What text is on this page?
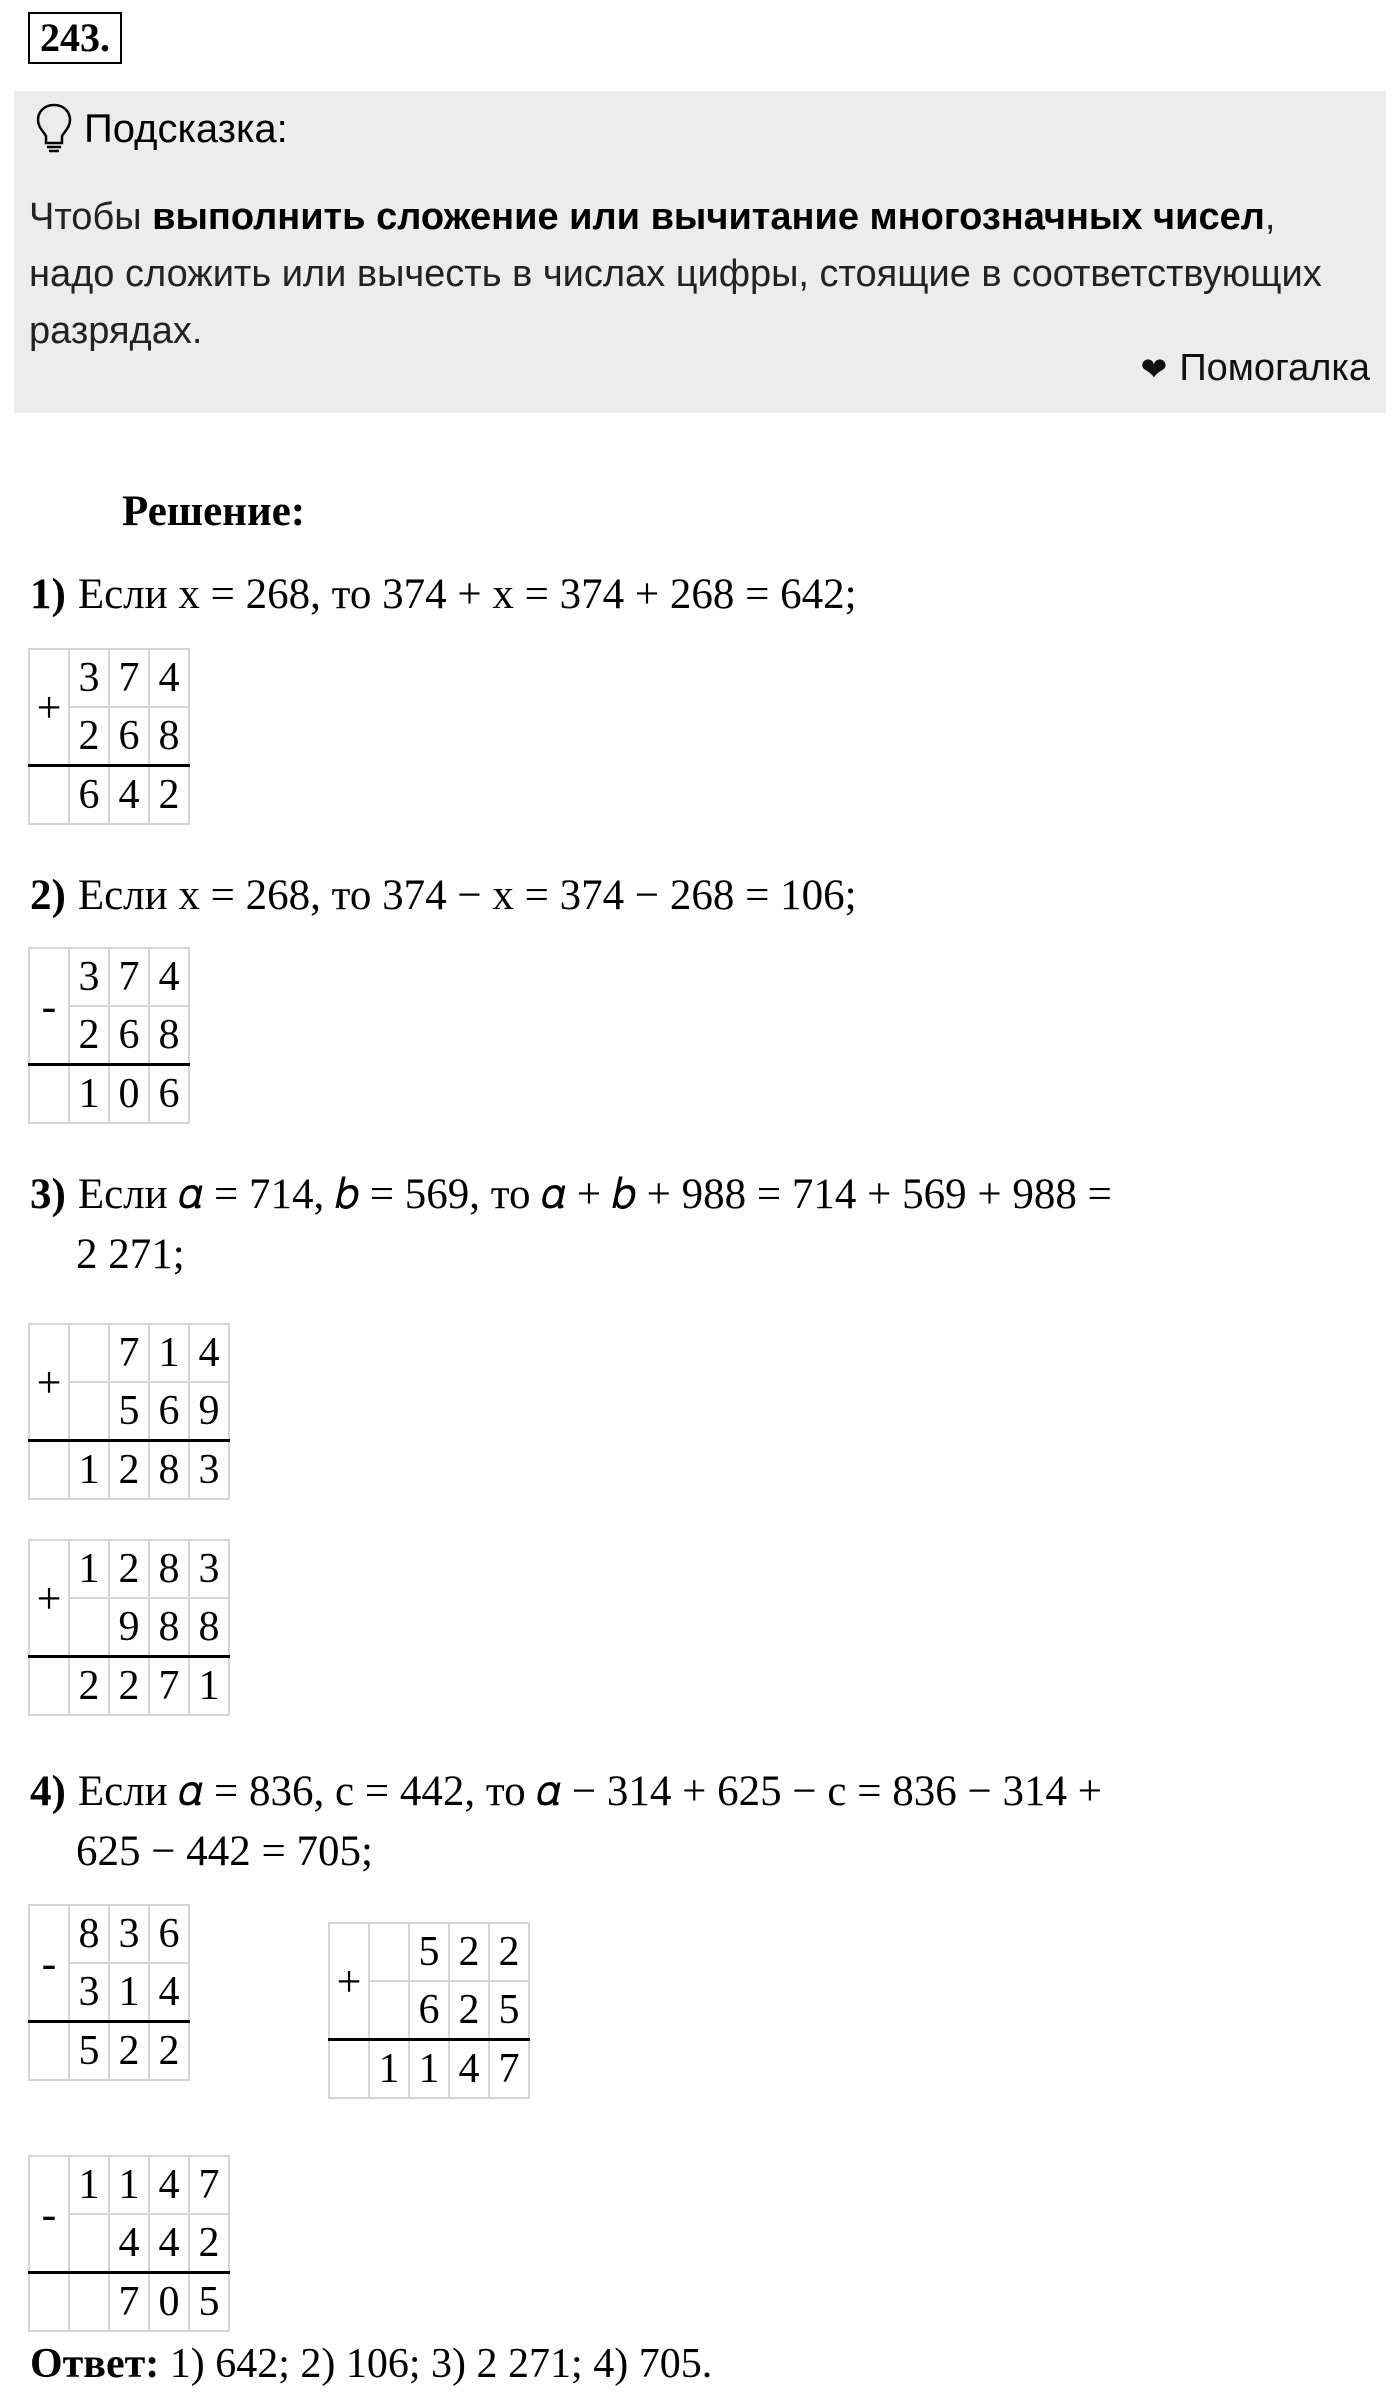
243.
Подсказка:
Чтобы выполнить сложение или вычитание многозначных чисел, надо сложить или вычесть в числах цифры, стоящие в соответствующих разрядах.
❤ Помогалка
Решение:
1) Если x = 268, то 374 + x = 374 + 268 = 642;
2) Если x = 268, то 374 − x = 374 − 268 = 106;
3) Если 𝛼 = 714, 𝑏 = 569, то 𝛼 + 𝑏 + 988 = 714 + 569 + 988 =
2 271;
4) Если 𝛼 = 836, c = 442, то 𝛼 − 314 + 625 − c = 836 − 314 +
625 − 442 = 705;
+	3	7	4
	2	6	8
	6	4	2
-	3	7	4
	2	6	8
	1	0	6
+		7	1	4
		5	6	9
	1	2	8	3
+	1	2	8	3
		9	8	8
	2	2	7	1
-	8	3	6
	3	1	4
	5	2	2
+		5	2	2
		6	2	5
	1	1	4	7
-	1	1	4	7
		4	4	2
		7	0	5
Ответ: 1) 642; 2) 106; 3) 2 271; 4) 705.
